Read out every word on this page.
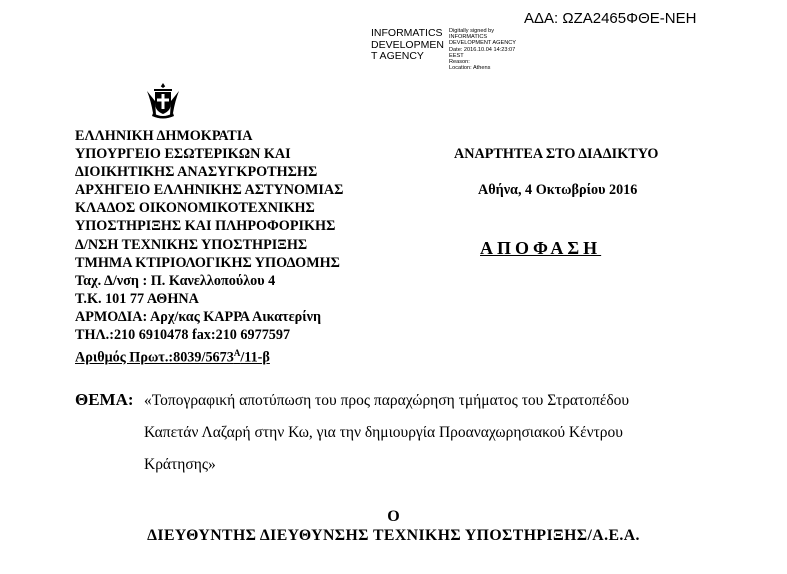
ΑΔΑ: ΩΖΑ2465ΦΘΕ-ΝΕΗ
INFORMATICS
DEVELOPMEN
T AGENCY
Digitally signed by
INFORMATICS
DEVELOPMENT AGENCY
Date: 2016.10.04 14:23:07
EEST
Reason:
Location: Athens
ΕΛΛΗΝΙΚΗ ΔΗΜΟΚΡΑΤΙΑ
ΥΠΟΥΡΓΕΙΟ ΕΣΩΤΕΡΙΚΩΝ ΚΑΙ
ΔΙΟΙΚΗΤΙΚΗΣ ΑΝΑΣΥΓΚΡΟΤΗΣΗΣ
ΑΡΧΗΓΕΙΟ ΕΛΛΗΝΙΚΗΣ ΑΣΤΥΝΟΜΙΑΣ
ΚΛΑΔΟΣ ΟΙΚΟΝΟΜΙΚΟΤΕΧΝΙΚΗΣ
ΥΠΟΣΤΗΡΙΞΗΣ ΚΑΙ ΠΛΗΡΟΦΟΡΙΚΗΣ
Δ/ΝΣΗ ΤΕΧΝΙΚΗΣ ΥΠΟΣΤΗΡΙΞΗΣ
ΤΜΗΜΑ ΚΤΙΡΙΟΛΟΓΙΚΗΣ ΥΠΟΔΟΜΗΣ
Ταχ. Δ/νση : Π. Κανελλοπούλου 4
Τ.Κ. 101 77 ΑΘΗΝΑ
ΑΡΜΟΔΙΑ: Αρχ/κας ΚΑΡΡΑ Αικατερίνη
ΤΗΛ.:210 6910478 fax:210 6977597
Αριθμός $\Pi\rho\omega\tau.:8039/5673^A/11-\beta$
ΑΝΑΡΤΗΤΕΑ ΣΤΟ ΔΙΑΔΙΚΤΥΟ
Αθήνα, 4 Οκτωβρίου 2016
ΑΠΟΦΑΣΗ
ΘΕΜΑ: «Τοπογραφική αποτύπωση του προς παραχώρηση τμήματος του Στρατοπέδου
Καπετάν Λαζαρή στην Κω, για την δημιουργία Προαναχωρησιακού Κέντρου
Κράτησης»
Ο
ΔΙΕΥΘΥΝΤΗΣ ΔΙΕΥΘΥΝΣΗΣ ΤΕΧΝΙΚΗΣ ΥΠΟΣΤΗΡΙΞΗΣ/Α.Ε.Α.
